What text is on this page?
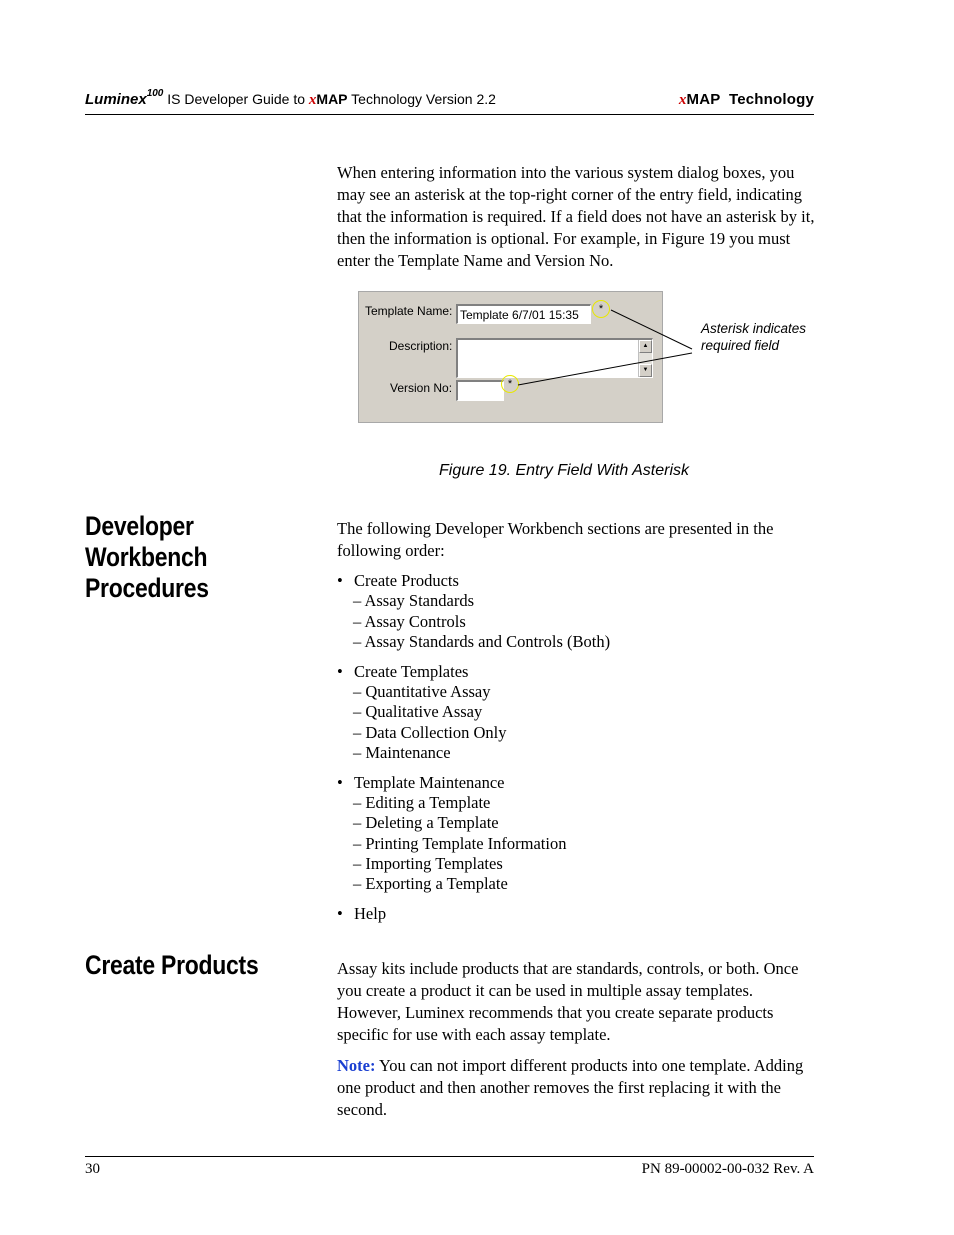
Luminex$^{100}$ IS Developer Guide to xMAP Technology Version 2.2	xMAP  Technology
When entering information into the various system dialog boxes, you may see an asterisk at the top-right corner of the entry field, indicating that the information is required. If a field does not have an asterisk by it, then the information is optional. For example, in Figure 19 you must enter the Template Name and Version No.
Template Name: Template 6/7/01 15:35	*
Description:	▲
▼
Version No:	*
Asterisk indicates required field
Figure 19. Entry Field With Asterisk
Developer
Workbench
Procedures
The following Developer Workbench sections are presented in the following order:
• Create Products
– Assay Standards
– Assay Controls
– Assay Standards and Controls (Both)
• Create Templates
– Quantitative Assay
– Qualitative Assay
– Data Collection Only
– Maintenance
• Template Maintenance
– Editing a Template
– Deleting a Template
– Printing Template Information
– Importing Templates
– Exporting a Template
• Help
Create Products	Assay kits include products that are standards, controls, or both. Once you create a product it can be used in multiple assay templates. However, Luminex recommends that you create separate products specific for use with each assay template.
Note: You can not import different products into one template. Adding one product and then another removes the first replacing it with the second.
30	PN 89-00002-00-032 Rev. A
